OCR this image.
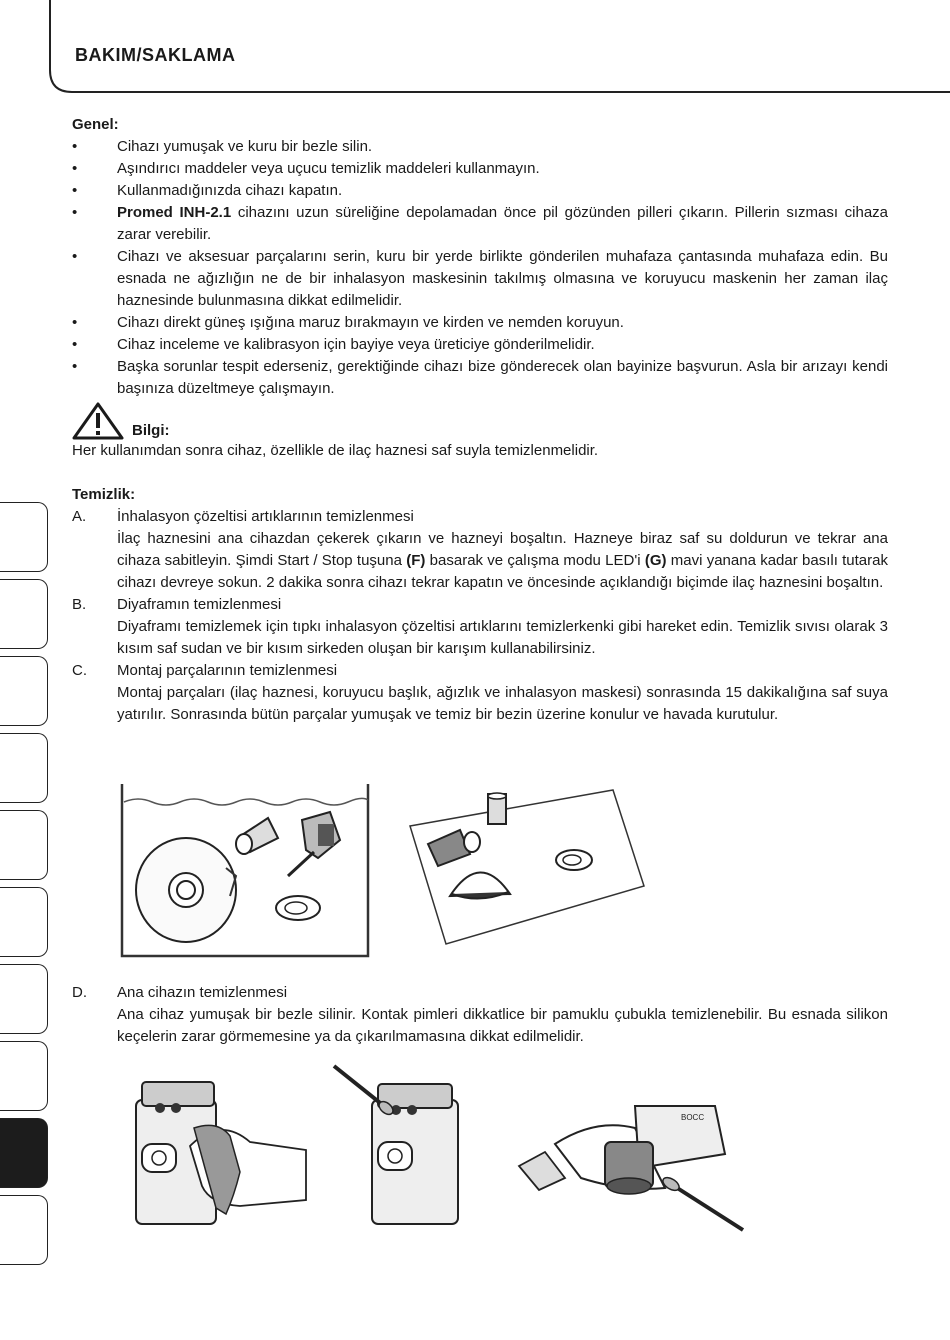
BAKIM/SAKLAMA
Genel:
•	Cihazı yumuşak ve kuru bir bezle silin.
•	Aşındırıcı maddeler veya uçucu temizlik maddeleri kullanmayın.
•	Kullanmadığınızda cihazı kapatın.
•	Promed INH-2.1 cihazını uzun süreliğine depolamadan önce pil gözünden pilleri çıkarın. Pillerin sızması cihaza zarar verebilir.
•	Cihazı ve aksesuar parçalarını serin, kuru bir yerde birlikte gönderilen muhafaza çantasında muhafaza edin. Bu esnada ne ağızlığın ne de bir inhalasyon maskesinin takılmış olmasına ve koruyucu maskenin her zaman ilaç haznesinde bulunmasına dikkat edilmelidir.
•	Cihazı direkt güneş ışığına maruz bırakmayın ve kirden ve nemden koruyun.
•	Cihaz inceleme ve kalibrasyon için bayiye veya üreticiye gönderilmelidir.
•	Başka sorunlar tespit ederseniz, gerektiğinde cihazı bize gönderecek olan bayinize başvurun. Asla bir arızayı kendi başınıza düzeltmeye çalışmayın.
Bilgi:
Her kullanımdan sonra cihaz, özellikle de ilaç haznesi saf suyla temizlenmelidir.
Temizlik:
A.	İnhalasyon çözeltisi artıklarının temizlenmesi
İlaç haznesini ana cihazdan çekerek çıkarın ve hazneyi boşaltın. Hazneye biraz saf su doldurun ve tekrar ana cihaza sabitleyin. Şimdi Start / Stop tuşuna (F) basarak ve çalışma modu LED'i (G) mavi yanana kadar basılı tutarak cihazı devreye sokun. 2 dakika sonra cihazı tekrar kapatın ve öncesinde açıklandığı biçimde ilaç haznesini boşaltın.
B.	Diyaframın temizlenmesi
Diyaframı temizlemek için tıpkı inhalasyon çözeltisi artıklarını temizlerkenki gibi hareket edin. Temizlik sıvısı olarak 3 kısım saf sudan ve bir kısım sirkeden oluşan bir karışım kullanabilirsiniz.
C.	Montaj parçalarının temizlenmesi
Montaj parçaları (ilaç haznesi, koruyucu başlık, ağızlık ve inhalasyon maskesi) sonrasında 15 dakikalığına saf suya yatırılır. Sonrasında bütün parçalar yumuşak ve temiz bir bezin üzerine konulur ve havada kurutulur.
D.	Ana cihazın temizlenmesi
Ana cihaz yumuşak bir bezle silinir. Kontak pimleri dikkatlice bir pamuklu çubukla temizlenebilir. Bu esnada silikon keçelerin zarar görmemesine ya da çıkarılmamasına dikkat edilmelidir.
BOCC
